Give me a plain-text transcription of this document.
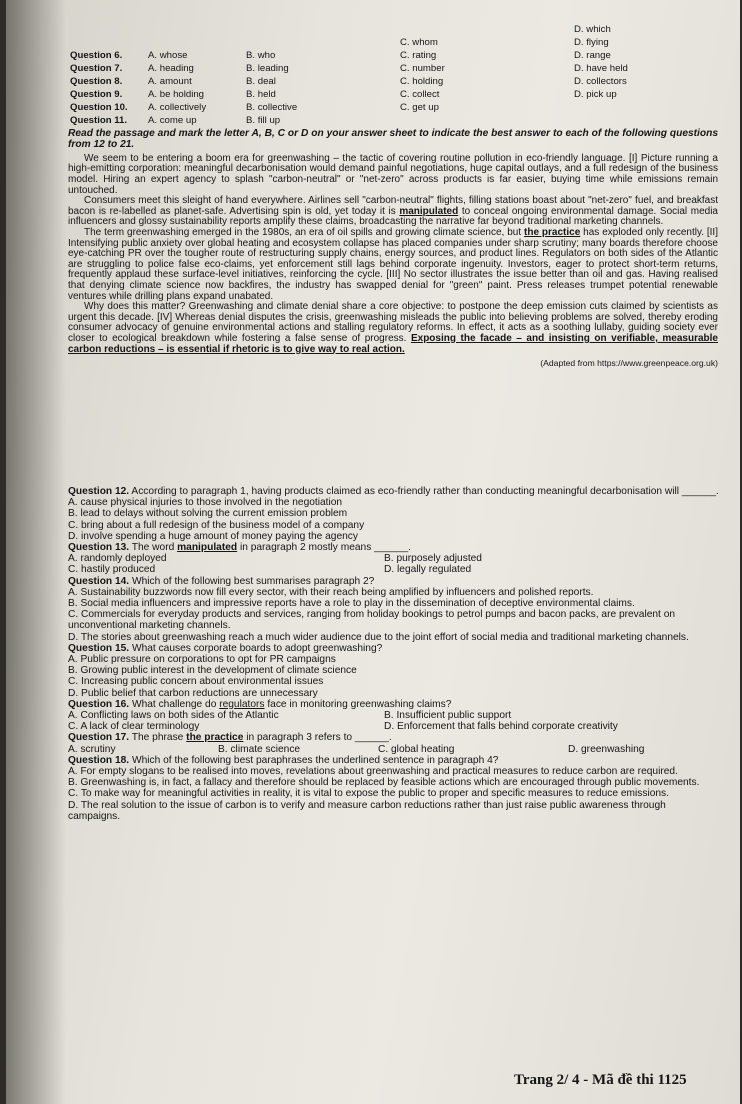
D. which
C. whom	D. flying
Question 6.	A. whose	B. who	C. rating	D. range
Question 7.	A. heading	B. leading	C. number	D. have held
Question 8.	A. amount	B. deal	C. holding	D. collectors
Question 9.	A. be holding	B. held	C. collect	D. pick up
Question 10. A. collectively	B. collective	C. get up
Question 11. A. come up	B. fill up
Read the passage and mark the letter A, B, C or D on your answer sheet to indicate the best answer to each of the following questions from 12 to 21.

We seem to be entering a boom era for greenwashing – the tactic of covering routine pollution in eco-friendly language. [I] Picture running a high-emitting corporation: meaningful decarbonisation would demand painful negotiations, huge capital outlays, and a full redesign of the business model. Hiring an expert agency to splash "carbon-neutral" or "net-zero" across products is far easier, buying time while emissions remain untouched.

Consumers meet this sleight of hand everywhere. Airlines sell "carbon-neutral" flights, filling stations boast about "net-zero" fuel, and breakfast bacon is re-labelled as planet-safe. Advertising spin is old, yet today it is manipulated to conceal ongoing environmental damage. Social media influencers and glossy sustainability reports amplify these claims, broadcasting the narrative far beyond traditional marketing channels.

The term greenwashing emerged in the 1980s, an era of oil spills and growing climate science, but the practice has exploded only recently. [II] Intensifying public anxiety over global heating and ecosystem collapse has placed companies under sharp scrutiny; many boards therefore choose eye-catching PR over the tougher route of restructuring supply chains, energy sources, and product lines. Regulators on both sides of the Atlantic are struggling to police false eco-claims, yet enforcement still lags behind corporate ingenuity. Investors, eager to protect short-term returns, frequently applaud these surface-level initiatives, reinforcing the cycle. [III] No sector illustrates the issue better than oil and gas. Having realised that denying climate science now backfires, the industry has swapped denial for "green" paint. Press releases trumpet potential renewable ventures while drilling plans expand unabated.

Why does this matter? Greenwashing and climate denial share a core objective: to postpone the deep emission cuts claimed by scientists as urgent this decade. [IV] Whereas denial disputes the crisis, greenwashing misleads the public into believing problems are solved, thereby eroding consumer advocacy of genuine environmental actions and stalling regulatory reforms. In effect, it acts as a soothing lullaby, guiding society ever closer to ecological breakdown while fostering a false sense of progress. Exposing the facade – and insisting on verifiable, measurable carbon reductions – is essential if rhetoric is to give way to real action.

(Adapted from https://www.greenpeace.org.uk)

Question 12. According to paragraph 1, having products claimed as eco-friendly rather than conducting meaningful decarbonisation will ______.

A. cause physical injuries to those involved in the negotiation

B. lead to delays without solving the current emission problem

C. bring about a full redesign of the business model of a company

D. involve spending a huge amount of money paying the agency

Question 13. The word manipulated in paragraph 2 mostly means ______.

A. randomly deployed	B. purposely adjusted
C. hastily produced	D. legally regulated

Question 14. Which of the following best summarises paragraph 2?

A. Sustainability buzzwords now fill every sector, with their reach being amplified by influencers and polished reports.

B. Social media influencers and impressive reports have a role to play in the dissemination of deceptive environmental claims.

C. Commercials for everyday products and services, ranging from holiday bookings to petrol pumps and bacon packs, are prevalent on unconventional marketing channels.

D. The stories about greenwashing reach a much wider audience due to the joint effort of social media and traditional marketing channels.

Question 15. What causes corporate boards to adopt greenwashing?

A. Public pressure on corporations to opt for PR campaigns

B. Growing public interest in the development of climate science

C. Increasing public concern about environmental issues

D. Public belief that carbon reductions are unnecessary

Question 16. What challenge do regulators face in monitoring greenwashing claims?

A. Conflicting laws on both sides of the Atlantic	B. Insufficient public support
C. A lack of clear terminology	D. Enforcement that falls behind corporate creativity

Question 17. The phrase the practice in paragraph 3 refers to ______.

A. scrutiny	B. climate science	C. global heating	D. greenwashing

Question 18. Which of the following best paraphrases the underlined sentence in paragraph 4?

A. For empty slogans to be realised into moves, revelations about greenwashing and practical measures to reduce carbon are required.

B. Greenwashing is, in fact, a fallacy and therefore should be replaced by feasible actions which are encouraged through public movements.

C. To make way for meaningful activities in reality, it is vital to expose the public to proper and specific measures to reduce emissions.

D. The real solution to the issue of carbon is to verify and measure carbon reductions rather than just raise public awareness through campaigns.

Trang 2/ 4 - Mã đề thi 1125
